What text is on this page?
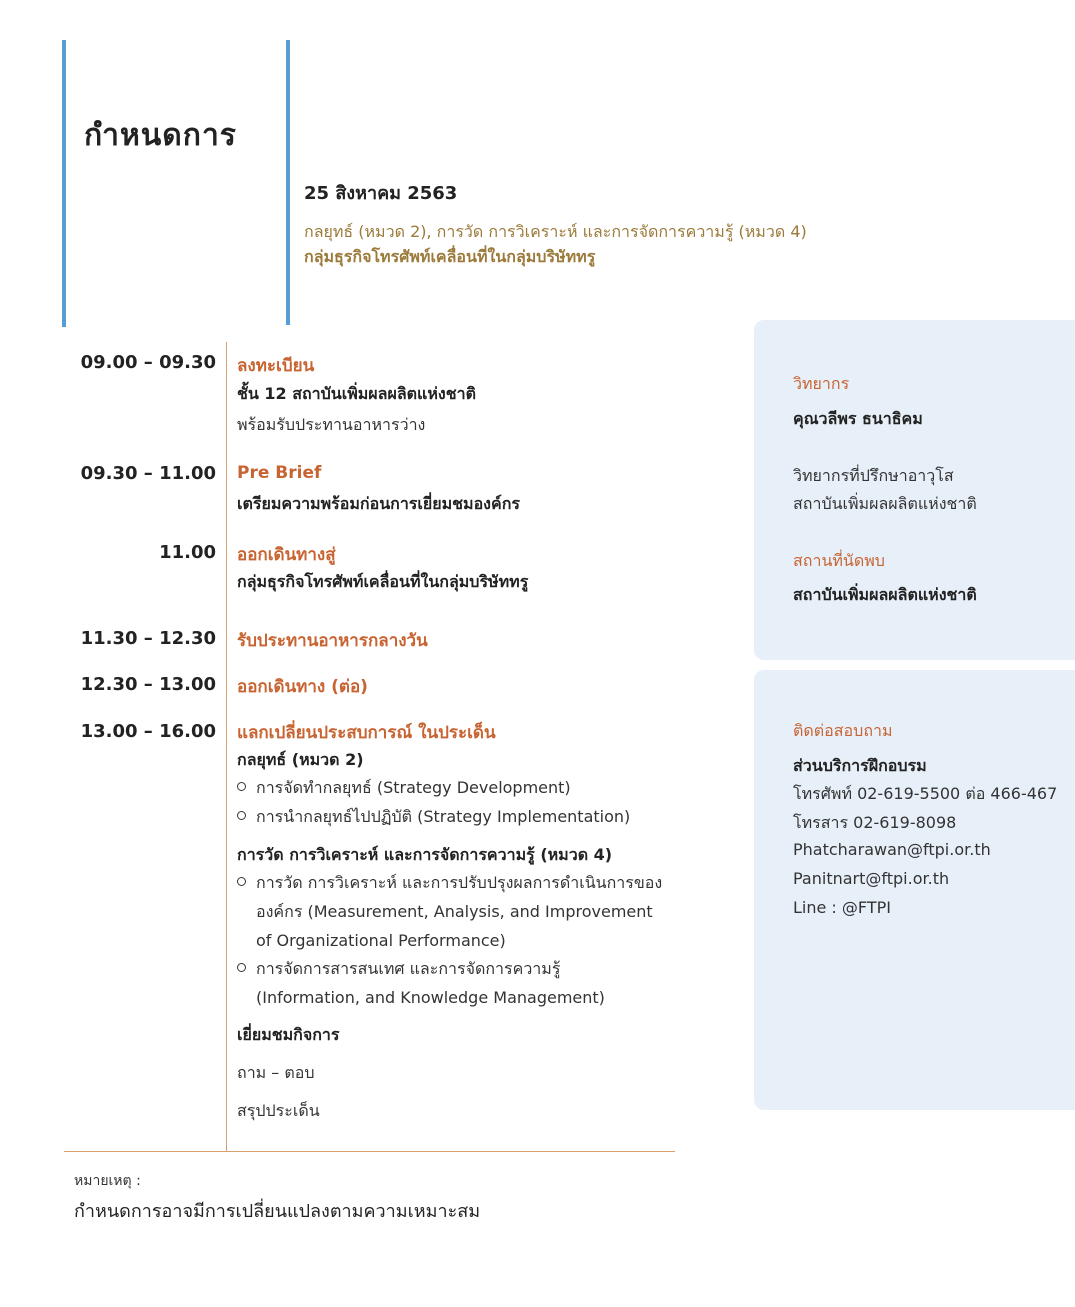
กำหนดการ
25 สิงหาคม 2563
กลยุทธ์ (หมวด 2), การวัด การวิเคราะห์ และการจัดการความรู้ (หมวด 4)
กลุ่มธุรกิจโทรศัพท์เคลื่อนที่ในกลุ่มบริษัททรู
09.00 – 09.30 ลงทะเบียน
ชั้น 12 สถาบันเพิ่มผลผลิตแห่งชาติ
พร้อมรับประทานอาหารว่าง
09.30 – 11.00 Pre Brief
เตรียมความพร้อมก่อนการเยี่ยมชมองค์กร
11.00 ออกเดินทางสู่
กลุ่มธุรกิจโทรศัพท์เคลื่อนที่ในกลุ่มบริษัททรู
11.30 – 12.30 รับประทานอาหารกลางวัน
12.30 – 13.00 ออกเดินทาง (ต่อ)
13.00 – 16.00 แลกเปลี่ยนประสบการณ์ ในประเด็น
กลยุทธ์ (หมวด 2)
การจัดทำกลยุทธ์ (Strategy Development)
การนำกลยุทธ์ไปปฏิบัติ (Strategy Implementation)
การวัด การวิเคราะห์ และการจัดการความรู้ (หมวด 4)
การวัด การวิเคราะห์ และการปรับปรุงผลการดำเนินการขององค์กร (Measurement, Analysis, and Improvement of Organizational Performance)
การจัดการสารสนเทศ และการจัดการความรู้ (Information, and Knowledge Management)
เยี่ยมชมกิจการ
ถาม – ตอบ
สรุปประเด็น
วิทยากร
คุณวลีพร ธนาธิคม
วิทยากรที่ปรึกษาอาวุโส
สถาบันเพิ่มผลผลิตแห่งชาติ
สถานที่นัดพบ
สถาบันเพิ่มผลผลิตแห่งชาติ
ติดต่อสอบถาม
ส่วนบริการฝึกอบรม
โทรศัพท์ 02-619-5500 ต่อ 466-467
โทรสาร 02-619-8098
Phatcharawan@ftpi.or.th
Panitnart@ftpi.or.th
Line : @FTPI
หมายเหตุ :
กำหนดการอาจมีการเปลี่ยนแปลงตามความเหมาะสม
